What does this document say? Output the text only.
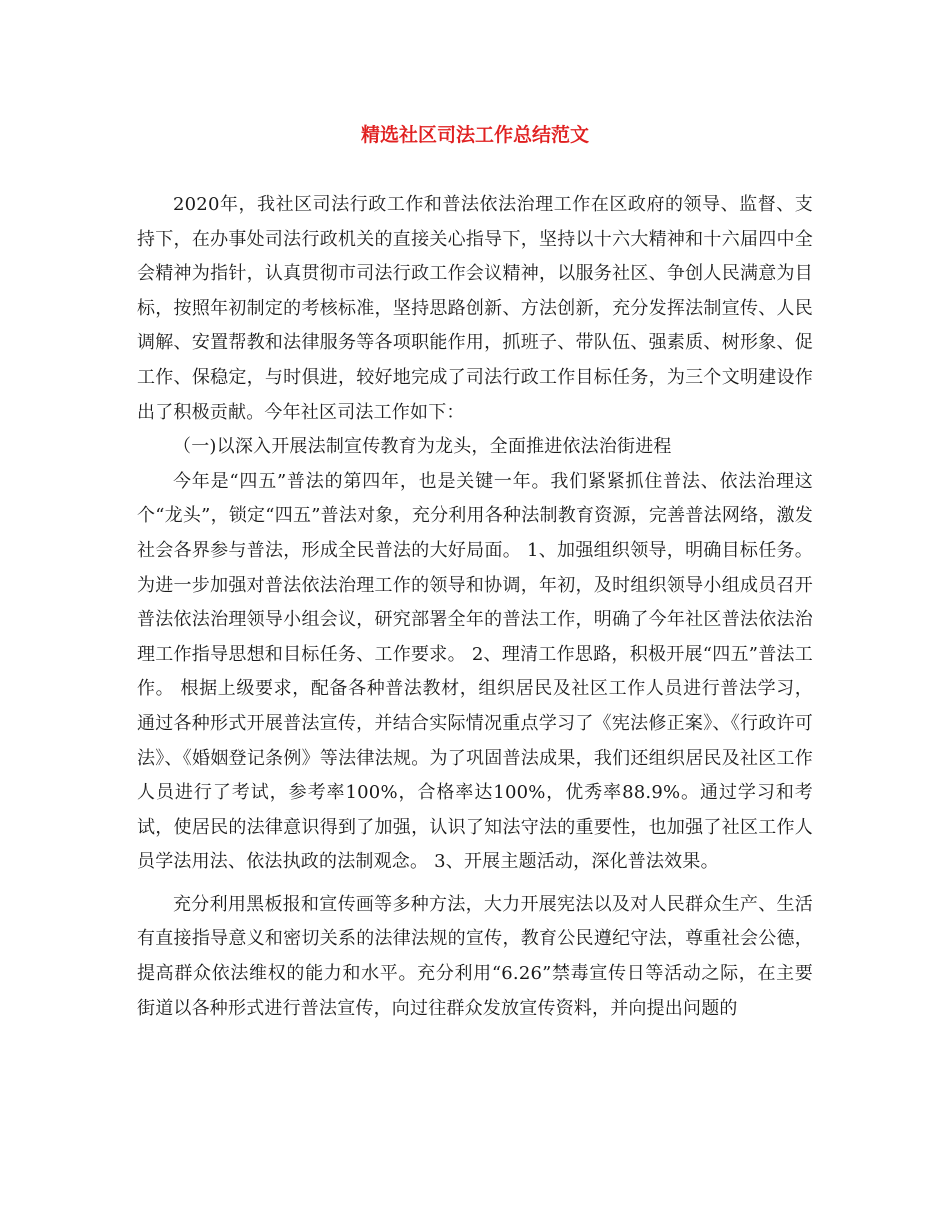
精选社区司法工作总结范文

2020年，我社区司法行政工作和普法依法治理工作在区政府的领导、监督、支持下，在办事处司法行政机关的直接关心指导下，坚持以十六大精神和十六届四中全会精神为指针，认真贯彻市司法行政工作会议精神，以服务社区、争创人民满意为目标，按照年初制定的考核标准，坚持思路创新、方法创新，充分发挥法制宣传、人民调解、安置帮教和法律服务等各项职能作用，抓班子、带队伍、强素质、树形象、促工作、保稳定，与时俱进，较好地完成了司法行政工作目标任务，为三个文明建设作出了积极贡献。今年社区司法工作如下：

（一)以深入开展法制宣传教育为龙头，全面推进依法治街进程

今年是“四五”普法的第四年，也是关键一年。我们紧紧抓住普法、依法治理这个“龙头”，锁定“四五”普法对象，充分利用各种法制教育资源，完善普法网络，激发社会各界参与普法，形成全民普法的大好局面。 1、加强组织领导，明确目标任务。 为进一步加强对普法依法治理工作的领导和协调，年初，及时组织领导小组成员召开普法依法治理领导小组会议，研究部署全年的普法工作，明确了今年社区普法依法治理工作指导思想和目标任务、工作要求。 2、理清工作思路，积极开展“四五”普法工作。 根据上级要求，配备各种普法教材，组织居民及社区工作人员进行普法学习，通过各种形式开展普法宣传，并结合实际情况重点学习了《宪法修正案》、《行政许可法》、《婚姻登记条例》等法律法规。为了巩固普法成果，我们还组织居民及社区工作人员进行了考试，参考率100%，合格率达100%，优秀率88.9%。通过学习和考试，使居民的法律意识得到了加强，认识了知法守法的重要性，也加强了社区工作人员学法用法、依法执政的法制观念。 3、开展主题活动，深化普法效果。

充分利用黑板报和宣传画等多种方法，大力开展宪法以及对人民群众生产、生活有直接指导意义和密切关系的法律法规的宣传，教育公民遵纪守法，尊重社会公德，提高群众依法维权的能力和水平。充分利用“6.26”禁毒宣传日等活动之际，在主要街道以各种形式进行普法宣传，向过往群众发放宣传资料，并向提出问题的
